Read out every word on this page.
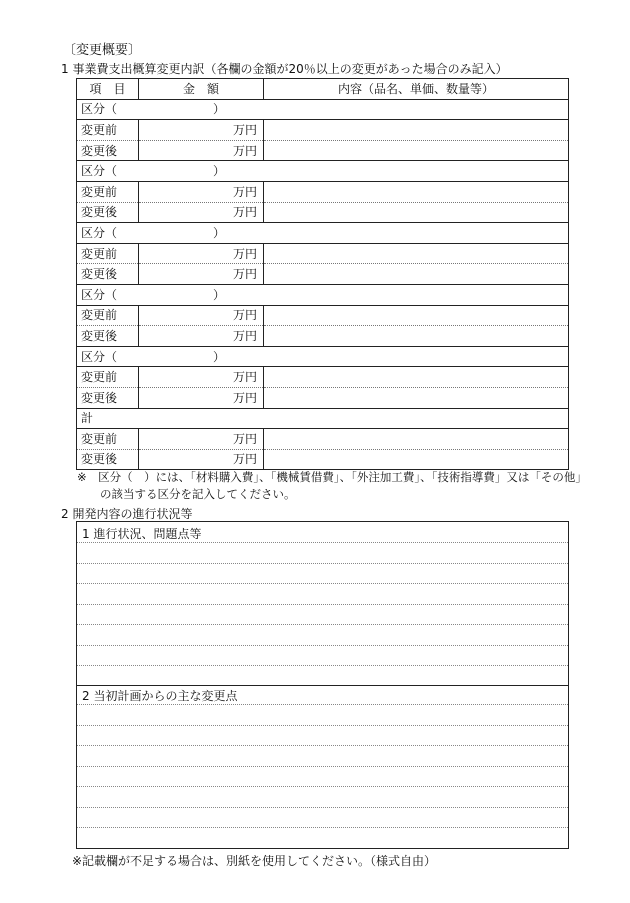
〔変更概要〕
1 事業費支出概算変更内訳（各欄の金額が20％以上の変更があった場合のみ記入）
項　目	金　額	内容（品名、単価、数量等）
区分（　　　　　　　　）		
変更前	万円	
変更後	万円	
区分（　　　　　　　　）		
変更前	万円	
変更後	万円	
区分（　　　　　　　　）		
変更前	万円	
変更後	万円	
区分（　　　　　　　　）		
変更前	万円	
変更後	万円	
区分（　　　　　　　　）		
変更前	万円	
変更後	万円	
計		
変更前	万円	
変更後	万円	
※　区分（　）には、「材料購入費」、「機械賃借費」、「外注加工費」、「技術指導費」又は「その他」
　　の該当する区分を記入してください。
2 開発内容の進行状況等
1 進行状況、問題点等
2 当初計画からの主な変更点
※記載欄が不足する場合は、別紙を使用してください。（様式自由）
